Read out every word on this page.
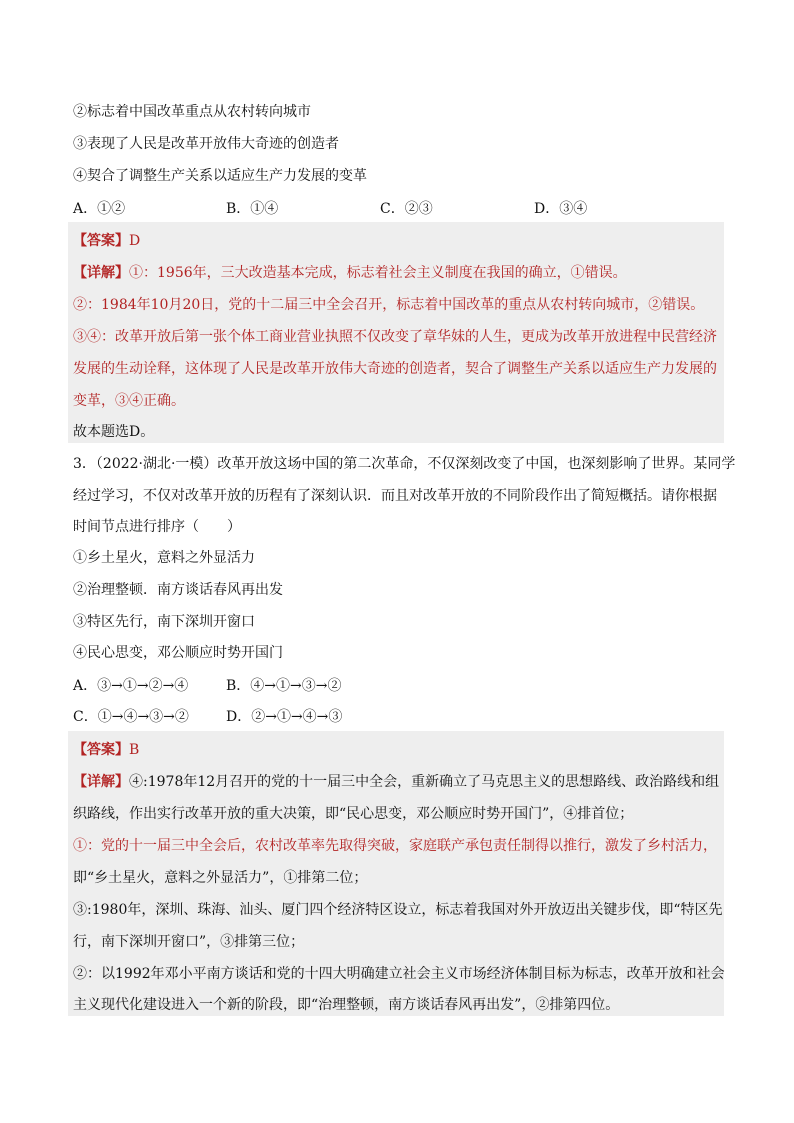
②标志着中国改革重点从农村转向城市
③表现了人民是改革开放伟大奇迹的创造者
④契合了调整生产关系以适应生产力发展的变革
A．①②	B．①④	C．②③	D．③④
【答案】D
【详解】①：1956年，三大改造基本完成，标志着社会主义制度在我国的确立，①错误。
②：1984年10月20日，党的十二届三中全会召开，标志着中国改革的重点从农村转向城市，②错误。
③④：改革开放后第一张个体工商业营业执照不仅改变了章华妹的人生，更成为改革开放进程中民营经济
发展的生动诠释，这体现了人民是改革开放伟大奇迹的创造者，契合了调整生产关系以适应生产力发展的
变革，③④正确。
故本题选D。
3．（2022·湖北·一模）改革开放这场中国的第二次革命，不仅深刻改变了中国，也深刻影响了世界。某同学
经过学习，不仅对改革开放的历程有了深刻认识．而且对改革开放的不同阶段作出了简短概括。请你根据
时间节点进行排序（　　）
①乡土星火，意料之外显活力
②治理整顿．南方谈话春风再出发
③特区先行，南下深圳开窗口
④民心思变，邓公顺应时势开国门
A．③→①→②→④	B．④→①→③→②
C．①→④→③→②	D．②→①→④→③
【答案】B
【详解】④:1978年12月召开的党的十一届三中全会，重新确立了马克思主义的思想路线、政治路线和组
织路线，作出实行改革开放的重大决策，即“民心思变，邓公顺应时势开国门”，④排首位；
①：党的十一届三中全会后，农村改革率先取得突破，家庭联产承包责任制得以推行，激发了乡村活力，
即“乡土星火，意料之外显活力”，①排第二位；
③:1980年，深圳、珠海、汕头、厦门四个经济特区设立，标志着我国对外开放迈出关键步伐，即“特区先
行，南下深圳开窗口”，③排第三位；
②：以1992年邓小平南方谈话和党的十四大明确建立社会主义市场经济体制目标为标志，改革开放和社会
主义现代化建设进入一个新的阶段，即“治理整顿，南方谈话春风再出发”，②排第四位。
